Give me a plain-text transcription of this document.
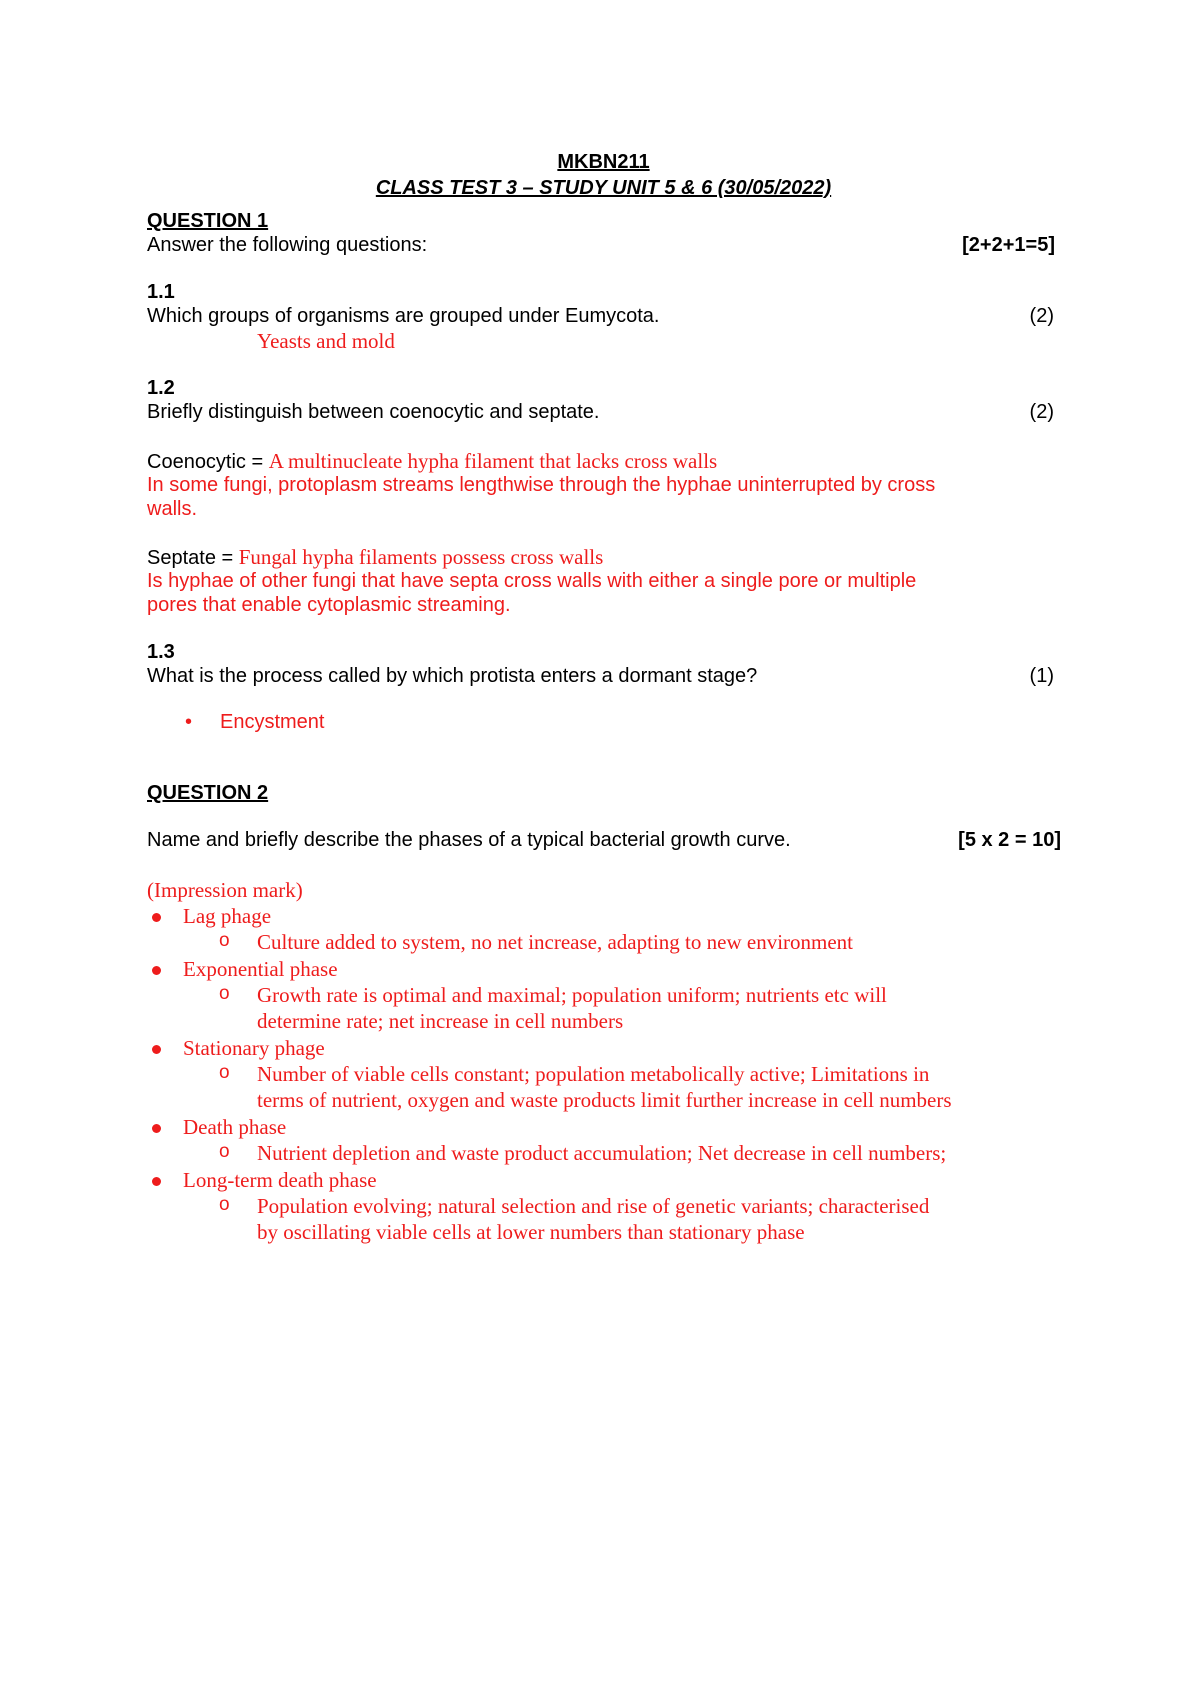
MKBN211
CLASS TEST 3 – STUDY UNIT 5 & 6 (30/05/2022)
QUESTION 1
Answer the following questions:	[2+2+1=5]
1.1
Which groups of organisms are grouped under Eumycota.	(2)
Yeasts and mold
1.2
Briefly distinguish between coenocytic and septate.	(2)
Coenocytic = A multinucleate hypha filament that lacks cross walls
In some fungi, protoplasm streams lengthwise through the hyphae uninterrupted by cross
walls.
Septate = Fungal hypha filaments possess cross walls
Is hyphae of other fungi that have septa cross walls with either a single pore or multiple
pores that enable cytoplasmic streaming.
1.3
What is the process called by which protista enters a dormant stage?	(1)
• Encystment
QUESTION 2
Name and briefly describe the phases of a typical bacterial growth curve.	[5 x 2 = 10]
(Impression mark)
Lag phage
o Culture added to system, no net increase, adapting to new environment
Exponential phase
o Growth rate is optimal and maximal; population uniform; nutrients etc will
determine rate; net increase in cell numbers
Stationary phage
o Number of viable cells constant; population metabolically active; Limitations in
terms of nutrient, oxygen and waste products limit further increase in cell numbers
Death phase
o Nutrient depletion and waste product accumulation; Net decrease in cell numbers;
Long-term death phase
o Population evolving; natural selection and rise of genetic variants; characterised
by oscillating viable cells at lower numbers than stationary phase
